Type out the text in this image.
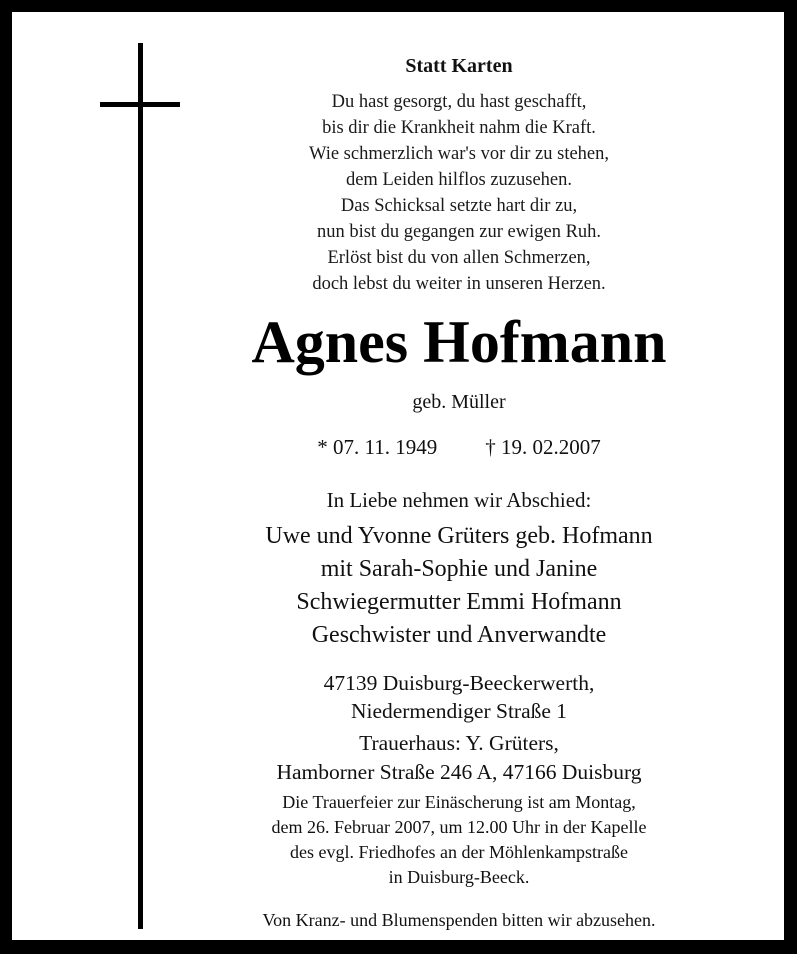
Statt Karten
Du hast gesorgt, du hast geschafft,
bis dir die Krankheit nahm die Kraft.
Wie schmerzlich war's vor dir zu stehen,
dem Leiden hilflos zuzusehen.
Das Schicksal setzte hart dir zu,
nun bist du gegangen zur ewigen Ruh.
Erlöst bist du von allen Schmerzen,
doch lebst du weiter in unseren Herzen.
Agnes Hofmann
geb. Müller
* 07. 11. 1949 † 19. 02.2007
In Liebe nehmen wir Abschied:
Uwe und Yvonne Grüters geb. Hofmann
mit Sarah-Sophie und Janine
Schwiegermutter Emmi Hofmann
Geschwister und Anverwandte
47139 Duisburg-Beeckerwerth,
Niedermendiger Straße 1
Trauerhaus: Y. Grüters,
Hamborner Straße 246 A, 47166 Duisburg
Die Trauerfeier zur Einäscherung ist am Montag,
dem 26. Februar 2007, um 12.00 Uhr in der Kapelle
des evgl. Friedhofes an der Möhlenkampstraße
in Duisburg-Beeck.
Von Kranz- und Blumenspenden bitten wir abzusehen.
